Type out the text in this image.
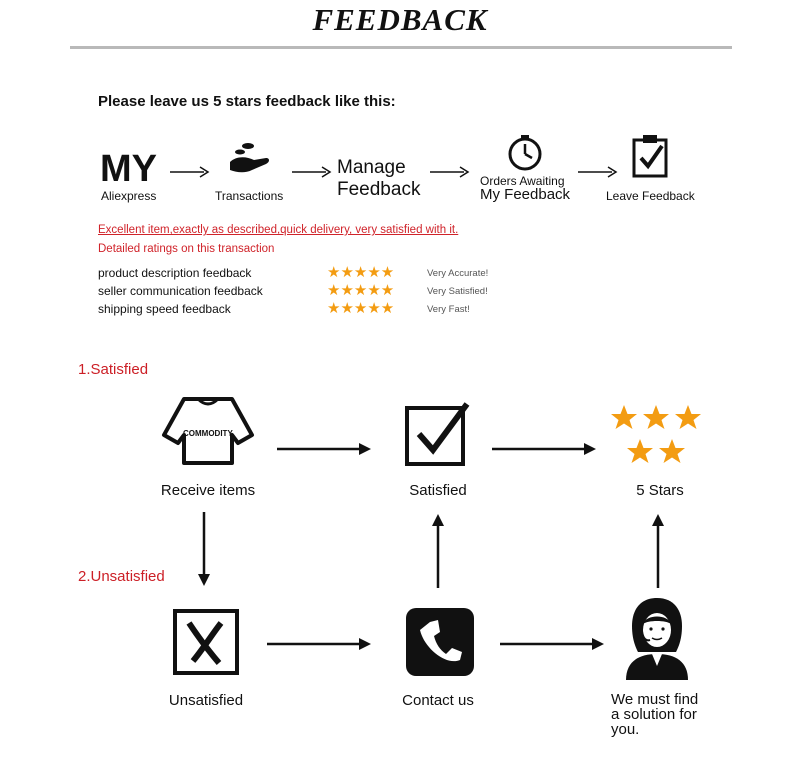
FEEDBACK
Please leave us 5 stars feedback like this:
MY
Aliexpress	Transactions
Manage
Feedback	Orders Awaiting
My Feedback	Leave Feedback
Excellent item,exactly as described,quick delivery, very satisfied with it.
Detailed ratings on this transaction
product description feedback	★★★★★	Very Accurate!
seller communication feedback	★★★★★	Very Satisfied!
shipping speed feedback	★★★★★	Very Fast!
1.Satisfied
2.Unsatisfied
COMMODITY
Receive items	Satisfied	5 Stars
Unsatisfied	Contact us	We must find
a solution for
you.
